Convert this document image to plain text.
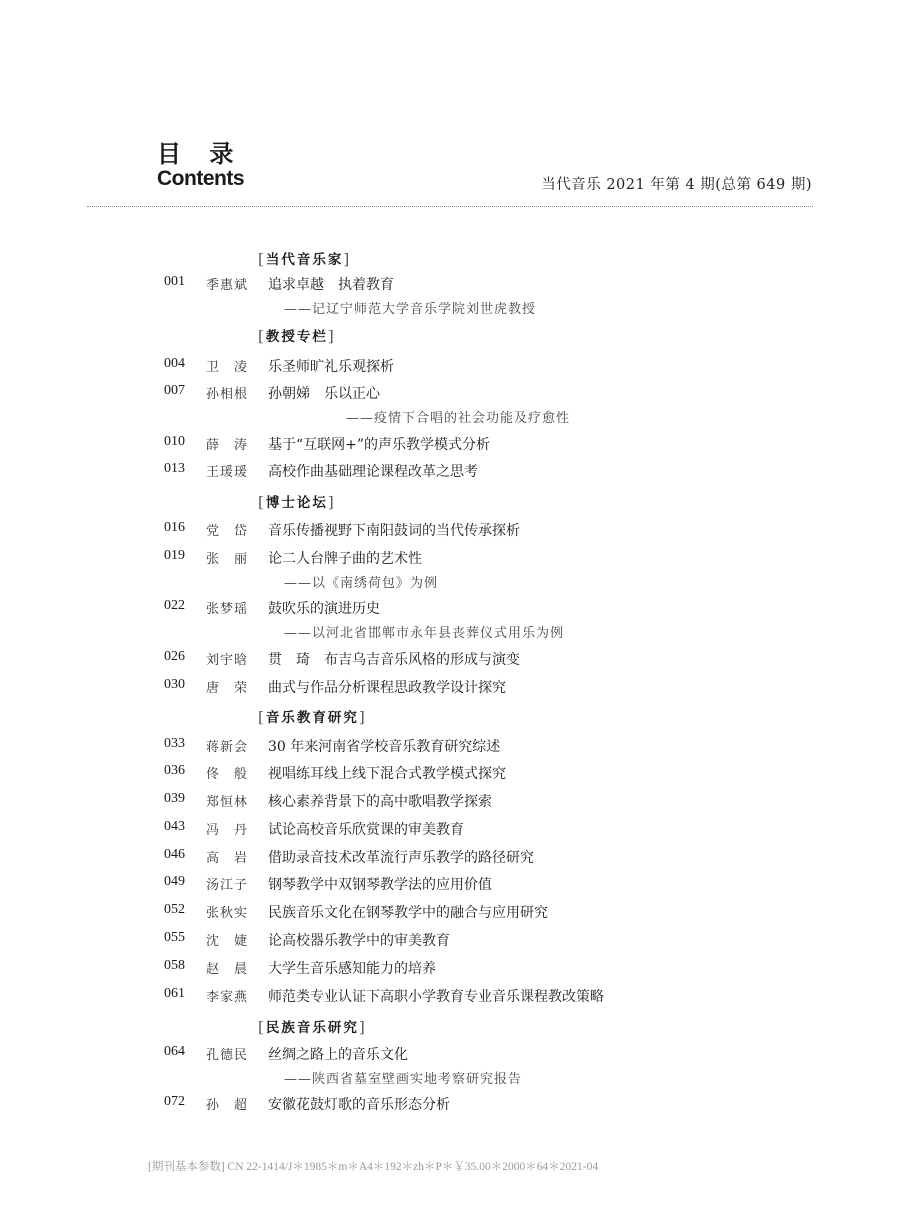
目 录
Contents	当代音乐 2021 年第 4 期(总第 649 期)
[当代音乐家]
001	季惠斌 追求卓越　执着教育
——记辽宁师范大学音乐学院刘世虎教授
[教授专栏]
004	卫　凌 乐圣师旷礼乐观探析
007	孙相根 孙朝娣　乐以正心
——疫情下合唱的社会功能及疗愈性
010	薛　涛 基于“互联网+”的声乐教学模式分析
013	王瑗瑗 高校作曲基础理论课程改革之思考
[博士论坛]
016	党　岱 音乐传播视野下南阳鼓词的当代传承探析
019	张　丽 论二人台牌子曲的艺术性
——以《南绣荷包》为例
022	张梦瑶 鼓吹乐的演进历史
——以河北省邯郸市永年县丧葬仪式用乐为例
026	刘宇晗 贯　琦　布吉乌吉音乐风格的形成与演变
030	唐　荣 曲式与作品分析课程思政教学设计探究
[音乐教育研究]
033	蒋新会 30 年来河南省学校音乐教育研究综述
036	佟　般 视唱练耳线上线下混合式教学模式探究
039	郑恒林 核心素养背景下的高中歌唱教学探索
043	冯　丹 试论高校音乐欣赏课的审美教育
046	高　岩 借助录音技术改革流行声乐教学的路径研究
049	汤江子 钢琴教学中双钢琴教学法的应用价值
052	张秋实 民族音乐文化在钢琴教学中的融合与应用研究
055	沈　婕 论高校器乐教学中的审美教育
058	赵　晨 大学生音乐感知能力的培养
061	李家燕 师范类专业认证下高职小学教育专业音乐课程教改策略
[民族音乐研究]
064	孔德民 丝绸之路上的音乐文化
——陕西省墓室壁画实地考察研究报告
072	孙　超 安徽花鼓灯歌的音乐形态分析
[期刊基本参数] CN 22-1414/J＊1985＊m＊A4＊192＊zh＊P＊￥35.00＊2000＊64＊2021-04
